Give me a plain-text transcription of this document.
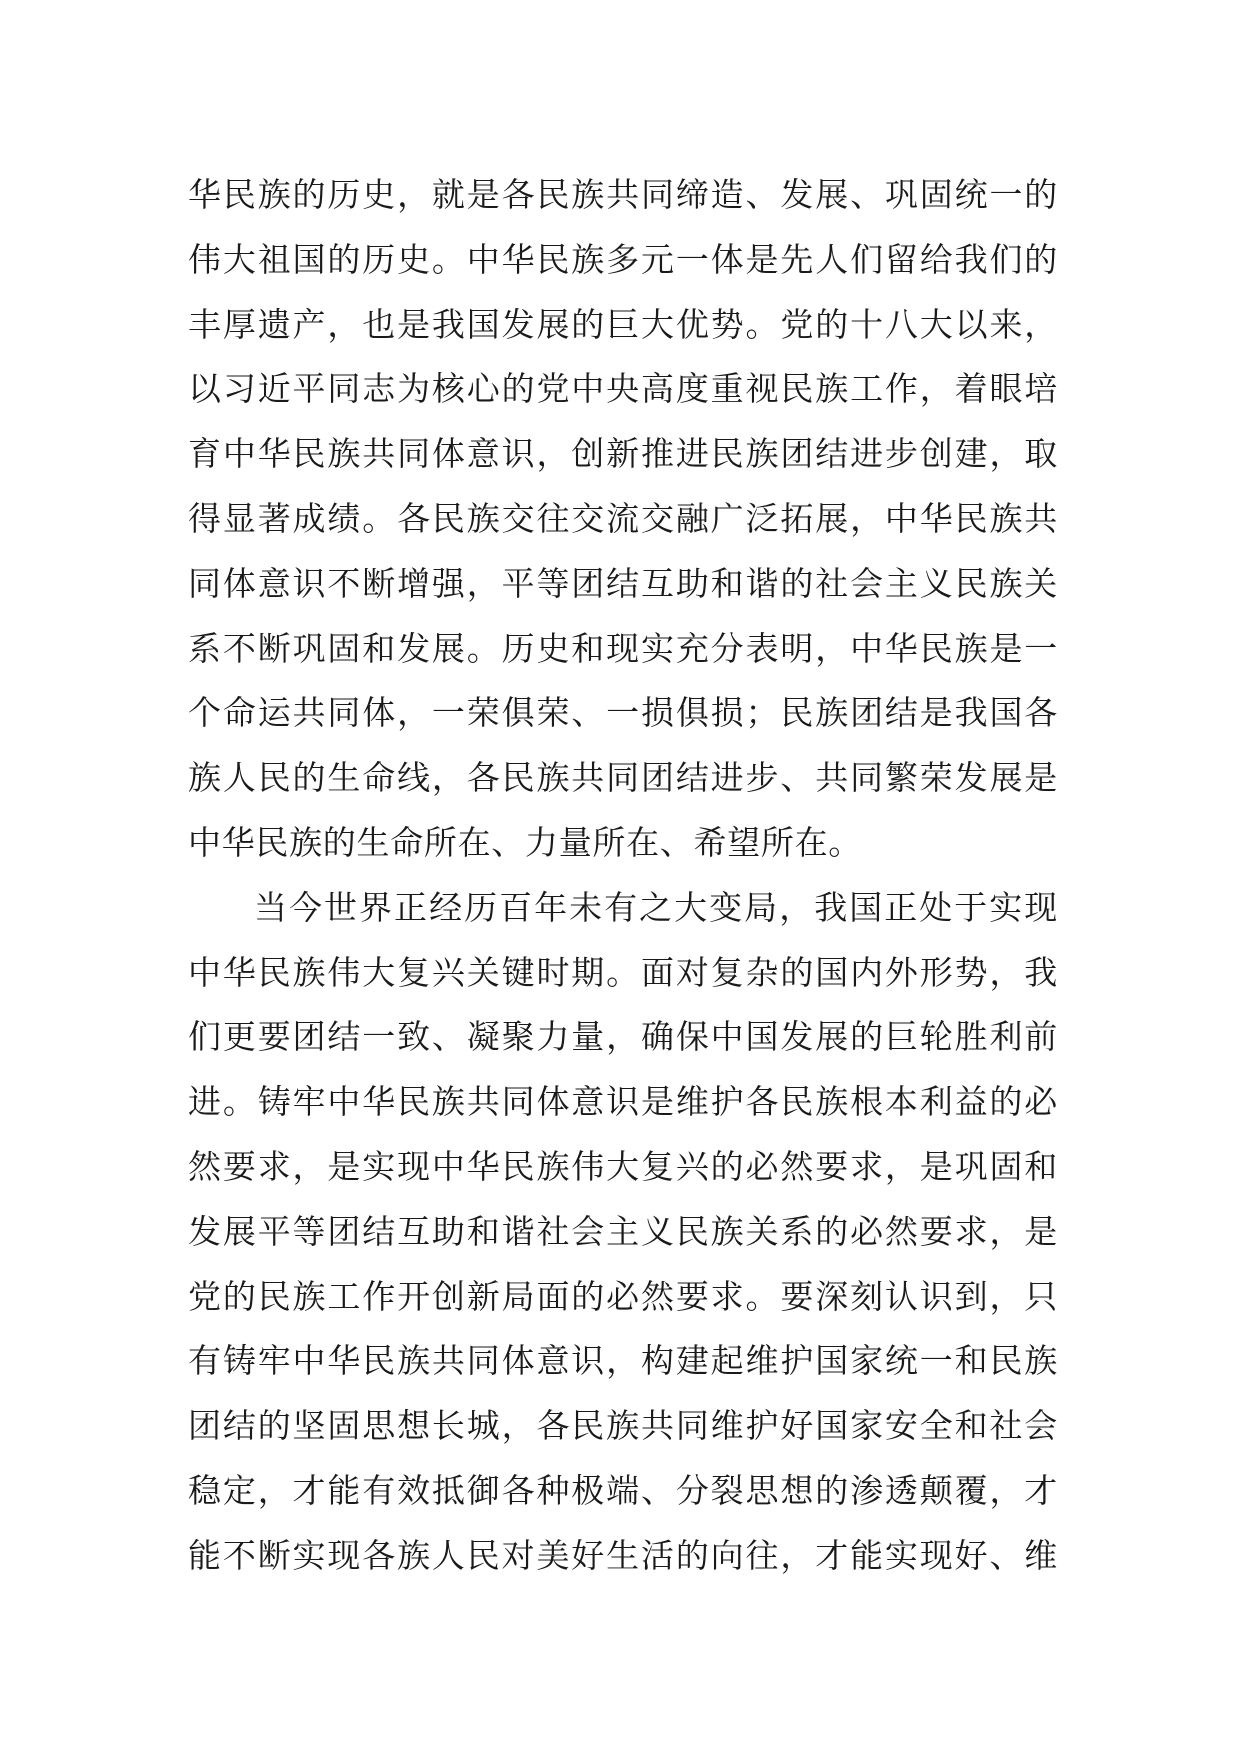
华民族的历史，就是各民族共同缔造、发展、巩固统一的
伟大祖国的历史。中华民族多元一体是先人们留给我们的
丰厚遗产，也是我国发展的巨大优势。党的十八大以来，
以习近平同志为核心的党中央高度重视民族工作，着眼培
育中华民族共同体意识，创新推进民族团结进步创建，取
得显著成绩。各民族交往交流交融广泛拓展，中华民族共
同体意识不断增强，平等团结互助和谐的社会主义民族关
系不断巩固和发展。历史和现实充分表明，中华民族是一
个命运共同体，一荣俱荣、一损俱损；民族团结是我国各
族人民的生命线，各民族共同团结进步、共同繁荣发展是
中华民族的生命所在、力量所在、希望所在。
当今世界正经历百年未有之大变局，我国正处于实现
中华民族伟大复兴关键时期。面对复杂的国内外形势，我
们更要团结一致、凝聚力量，确保中国发展的巨轮胜利前
进。铸牢中华民族共同体意识是维护各民族根本利益的必
然要求，是实现中华民族伟大复兴的必然要求，是巩固和
发展平等团结互助和谐社会主义民族关系的必然要求，是
党的民族工作开创新局面的必然要求。要深刻认识到，只
有铸牢中华民族共同体意识，构建起维护国家统一和民族
团结的坚固思想长城，各民族共同维护好国家安全和社会
稳定，才能有效抵御各种极端、分裂思想的渗透颠覆，才
能不断实现各族人民对美好生活的向往，才能实现好、维
